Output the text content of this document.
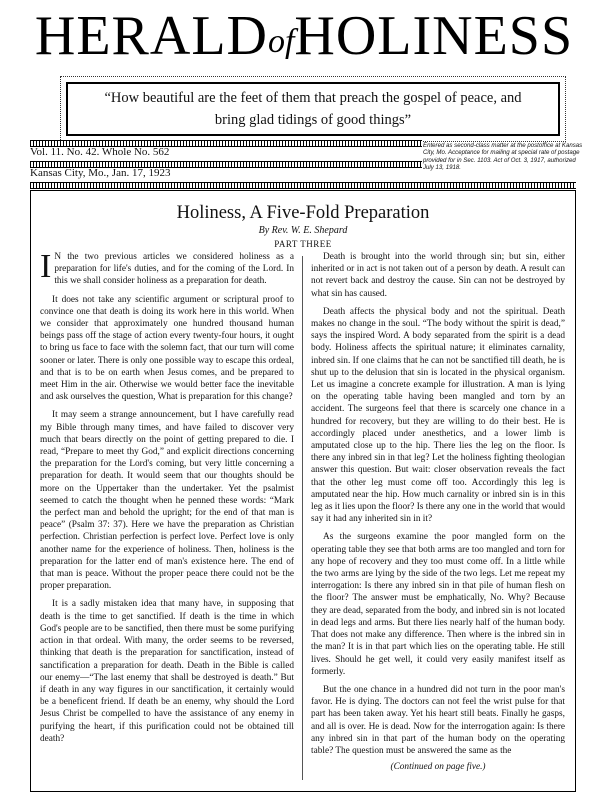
HERALDofHOLINESS
“How beautiful are the feet of them that preach the gospel of peace, and
bring glad tidings of good things”
Vol. 11. No. 42. Whole No. 562
Kansas City, Mo., Jan. 17, 1923
Entered as second-class matter at the postoffice at Kansas City, Mo. Acceptance for mailing at special rate of postage provided for in Sec. 1103. Act of Oct. 3, 1917, authorized July 13, 1918.
Holiness, A Five-Fold Preparation
By Rev. W. E. Shepard
PART THREE

I N the two previous articles we considered holiness as a preparation for life's duties, and for the coming of the Lord. In this we shall consider holiness as a preparation for death.

It does not take any scientific argument or scriptural proof to convince one that death is doing its work here in this world. When we consider that approximately one hundred thousand human beings pass off the stage of action every twenty-four hours, it ought to bring us face to face with the solemn fact, that our turn will come sooner or later. There is only one possible way to escape this ordeal, and that is to be on earth when Jesus comes, and be prepared to meet Him in the air. Otherwise we would better face the inevitable and ask ourselves the question, What is preparation for this change?

It may seem a strange announcement, but I have carefully read my Bible through many times, and have failed to discover very much that bears directly on the point of getting prepared to die. I read, “Prepare to meet thy God,” and explicit directions concerning the preparation for the Lord's coming, but very little concerning a preparation for death. It would seem that our thoughts should be more on the Uppertaker than the undertaker. Yet the psalmist seemed to catch the thought when he penned these words: “Mark the perfect man and behold the upright; for the end of that man is peace” (Psalm 37: 37). Here we have the preparation as Christian perfection. Christian perfection is perfect love. Perfect love is only another name for the experience of holiness. Then, holiness is the preparation for the latter end of man's existence here. The end of that man is peace. Without the proper peace there could not be the proper preparation.

It is a sadly mistaken idea that many have, in supposing that death is the time to get sanctified. If death is the time in which God's people are to be sanctified, then there must be some purifying action in that ordeal. With many, the order seems to be reversed, thinking that death is the preparation for sanctification, instead of sanctification a preparation for death. Death in the Bible is called our enemy—“The last enemy that shall be destroyed is death.” But if death in any way figures in our sanctification, it certainly would be a beneficent friend. If death be an enemy, why should the Lord Jesus Christ be compelled to have the assistance of any enemy in purifying the heart, if this purification could not be obtained till death?

Death is brought into the world through sin; but sin, either inherited or in act is not taken out of a person by death. A result can not revert back and destroy the cause. Sin can not be destroyed by what sin has caused.

Death affects the physical body and not the spiritual. Death makes no change in the soul. “The body without the spirit is dead,” says the inspired Word. A body separated from the spirit is a dead body. Holiness affects the spiritual nature; it eliminates carnality, inbred sin. If one claims that he can not be sanctified till death, he is shut up to the delusion that sin is located in the physical organism. Let us imagine a concrete example for illustration. A man is lying on the operating table having been mangled and torn by an accident. The surgeons feel that there is scarcely one chance in a hundred for recovery, but they are willing to do their best. He is accordingly placed under anesthetics, and a lower limb is amputated close up to the hip. There lies the leg on the floor. Is there any inbred sin in that leg? Let the holiness fighting theologian answer this question. But wait: closer observation reveals the fact that the other leg must come off too. Accordingly this leg is amputated near the hip. How much carnality or inbred sin is in this leg as it lies upon the floor? Is there any one in the world that would say it had any inherited sin in it?

As the surgeons examine the poor mangled form on the operating table they see that both arms are too mangled and torn for any hope of recovery and they too must come off. In a little while the two arms are lying by the side of the two legs. Let me repeat my interrogation: Is there any inbred sin in that pile of human flesh on the floor? The answer must be emphatically, No. Why? Because they are dead, separated from the body, and inbred sin is not located in dead legs and arms. But there lies nearly half of the human body. That does not make any difference. Then where is the inbred sin in the man? It is in that part which lies on the operating table. He still lives. Should he get well, it could very easily manifest itself as formerly.

But the one chance in a hundred did not turn in the poor man's favor. He is dying. The doctors can not feel the wrist pulse for that part has been taken away. Yet his heart still beats. Finally he gasps, and all is over. He is dead. Now for the interrogation again: Is there any inbred sin in that part of the human body on the operating table? The question must be answered the same as the

(Continued on page five.)
